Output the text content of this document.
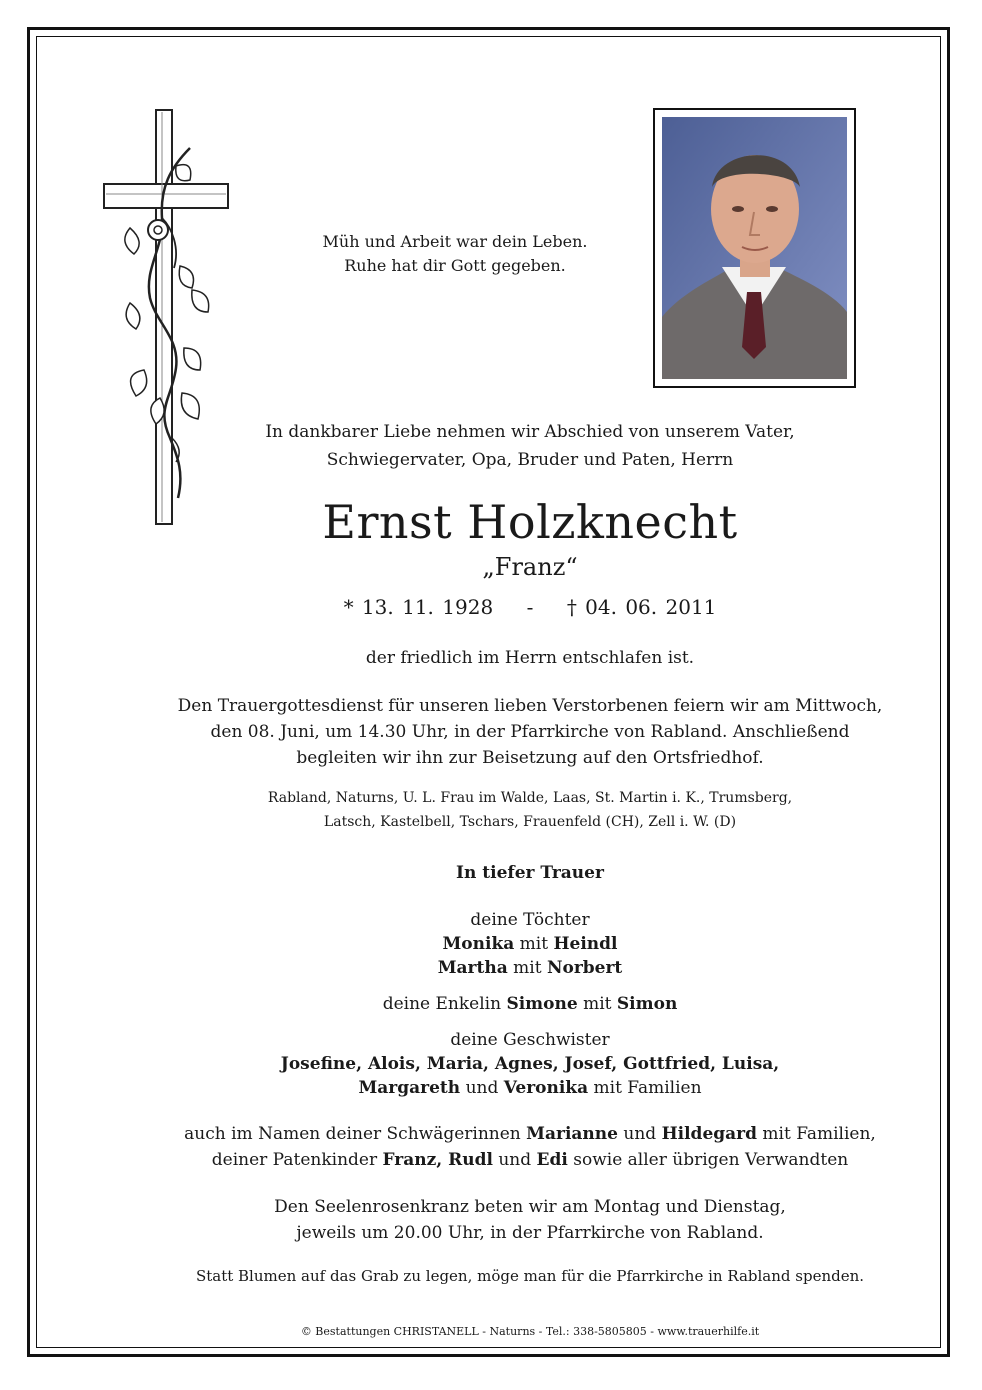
Müh und Arbeit war dein Leben.
Ruhe hat dir Gott gegeben.
In dankbarer Liebe nehmen wir Abschied von unserem Vater,
Schwiegervater, Opa, Bruder und Paten, Herrn
Ernst Holzknecht
„Franz“
* 13. 11. 1928 - † 04. 06. 2011
der friedlich im Herrn entschlafen ist.
Den Trauergottesdienst für unseren lieben Verstorbenen feiern wir am Mittwoch,
den 08. Juni, um 14.30 Uhr, in der Pfarrkirche von Rabland. Anschließend
begleiten wir ihn zur Beisetzung auf den Ortsfriedhof.
Rabland, Naturns, U. L. Frau im Walde, Laas, St. Martin i. K., Trumsberg,
Latsch, Kastelbell, Tschars, Frauenfeld (CH), Zell i. W. (D)
In tiefer Trauer
deine Töchter
Monika mit Heindl
Martha mit Norbert
deine Enkelin Simone mit Simon
deine Geschwister
Josefine, Alois, Maria, Agnes, Josef, Gottfried, Luisa,
Margareth und Veronika mit Familien
auch im Namen deiner Schwägerinnen Marianne und Hildegard mit Familien,
deiner Patenkinder Franz, Rudl und Edi sowie aller übrigen Verwandten
Den Seelenrosenkranz beten wir am Montag und Dienstag,
jeweils um 20.00 Uhr, in der Pfarrkirche von Rabland.
Statt Blumen auf das Grab zu legen, möge man für die Pfarrkirche in Rabland spenden.
© Bestattungen CHRISTANELL - Naturns - Tel.: 338-5805805 - www.trauerhilfe.it
